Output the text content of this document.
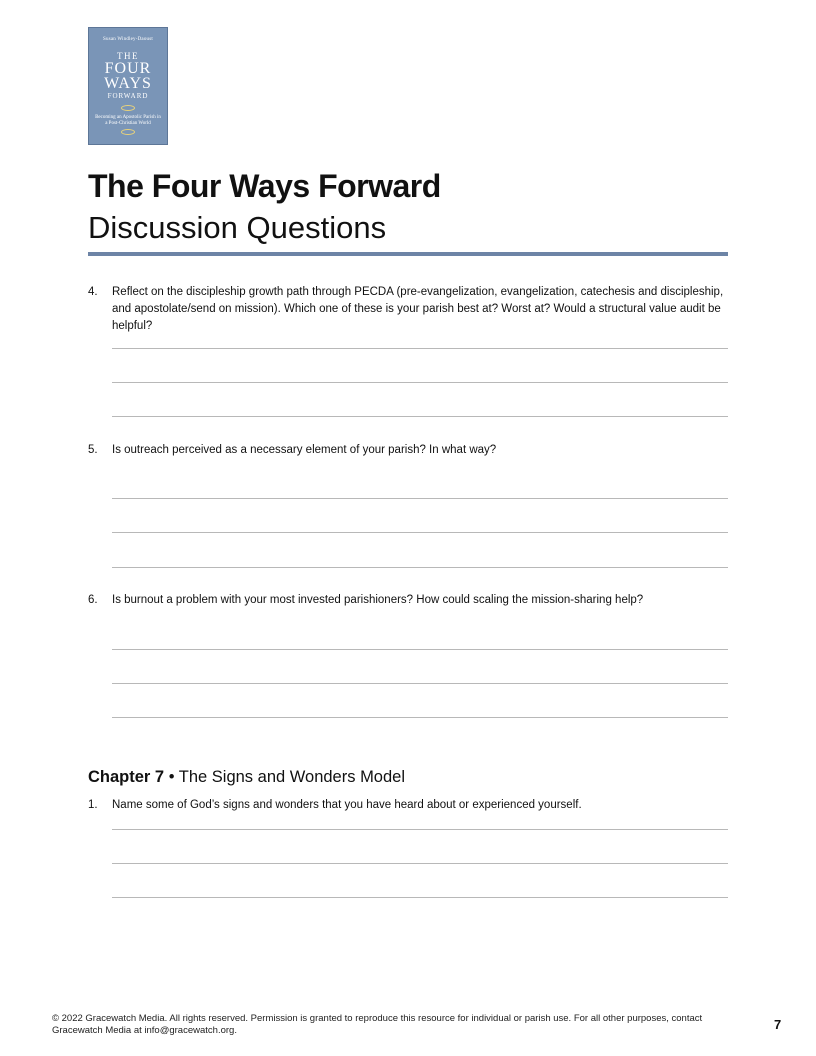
Susan Windley-Daoust
THE
FOUR
WAYS
FORWARD
Becoming an Apostolic Parish in a Post-Christian World
The Four Ways Forward
Discussion Questions
4.	Reflect on the discipleship growth path through PECDA (pre-evangelization, evangelization, catechesis and discipleship, and apostolate/send on mission). Which one of these is your parish best at? Worst at? Would a structural value audit be helpful?
5.	Is outreach perceived as a necessary element of your parish? In what way?
6.	Is burnout a problem with your most invested parishioners? How could scaling the mission-sharing help?
Chapter 7 • The Signs and Wonders Model
1.	Name some of God’s signs and wonders that you have heard about or experienced yourself.
© 2022 Gracewatch Media. All rights reserved. Permission is granted to reproduce this resource for individual or parish use. For all other purposes, contact Gracewatch Media at info@gracewatch.org.	7
